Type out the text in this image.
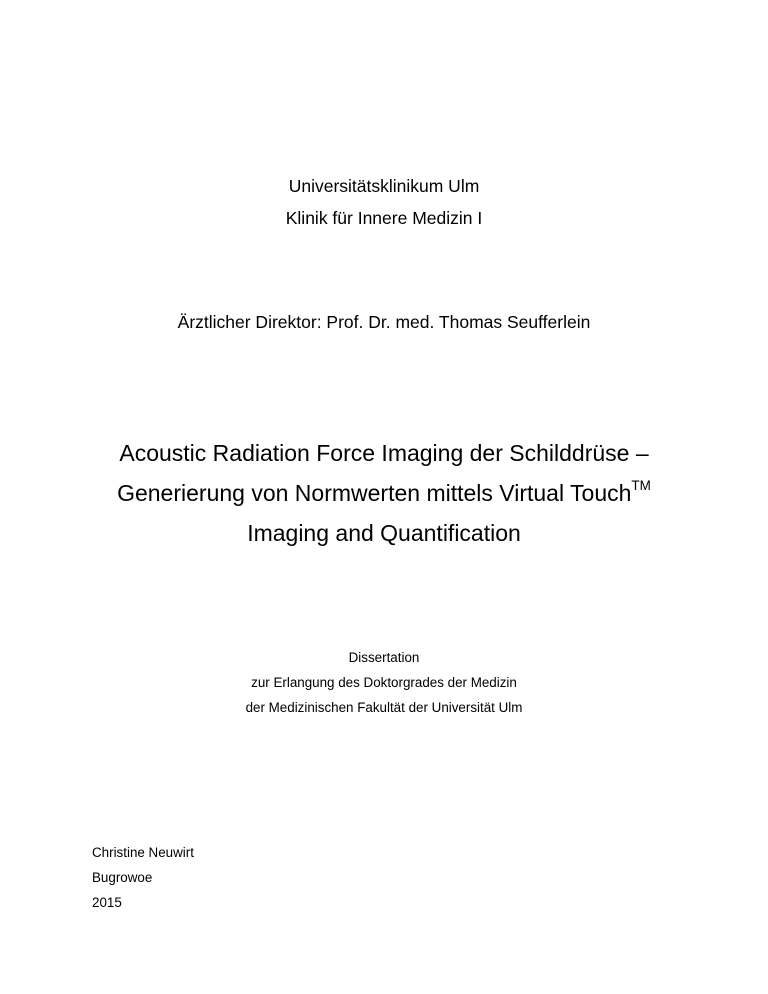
Universitätsklinikum Ulm
Klinik für Innere Medizin I
Ärztlicher Direktor: Prof. Dr. med. Thomas Seufferlein
Acoustic Radiation Force Imaging der Schilddrüse –
Generierung von Normwerten mittels Virtual Touch™
Imaging and Quantification
Dissertation
zur Erlangung des Doktorgrades der Medizin
der Medizinischen Fakultät der Universität Ulm
Christine Neuwirt
Bugrowoe
2015
